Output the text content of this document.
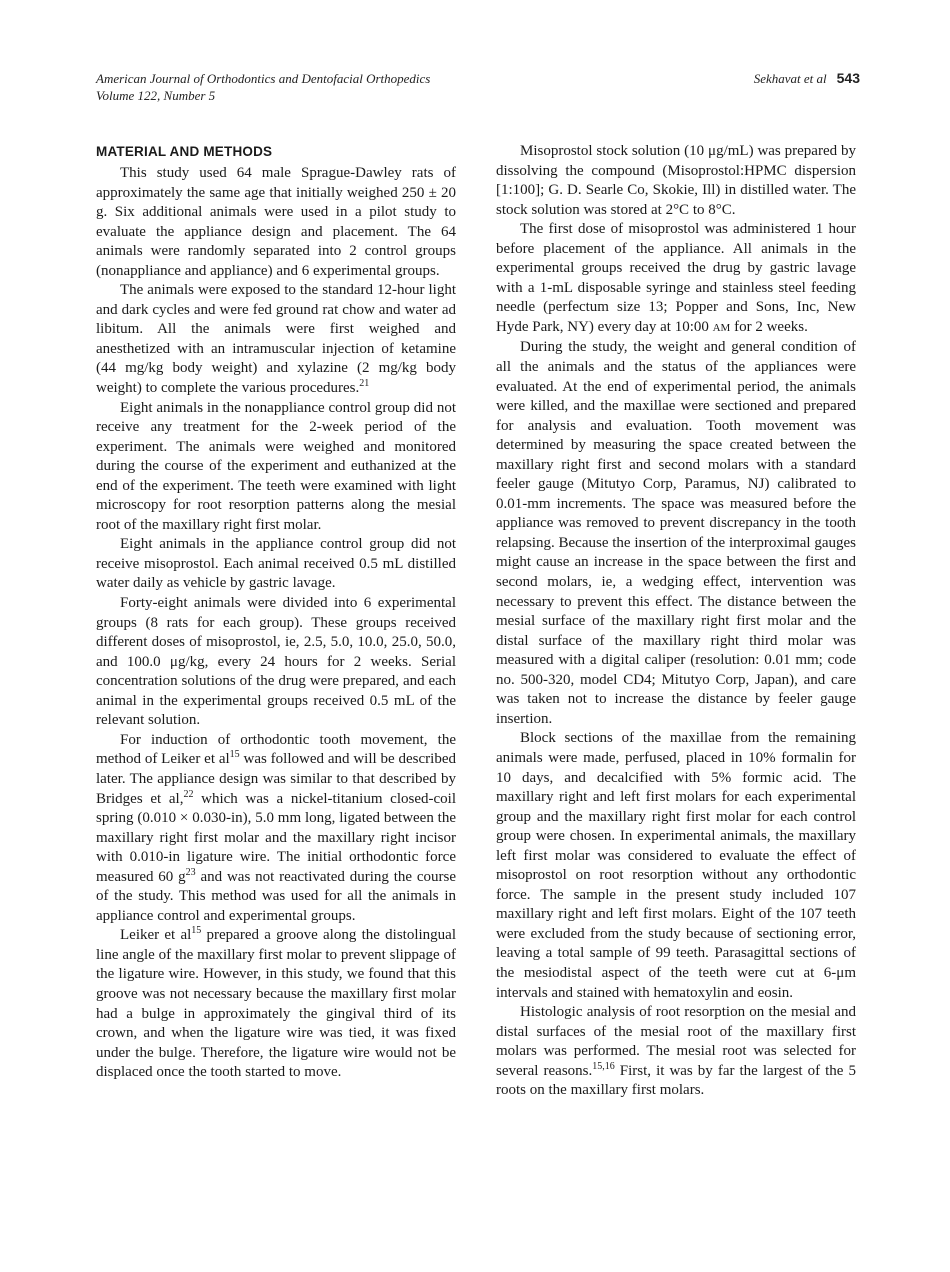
American Journal of Orthodontics and Dentofacial Orthopedics
Volume 122, Number 5
Sekhavat et al 543
MATERIAL AND METHODS

This study used 64 male Sprague-Dawley rats of approximately the same age that initially weighed 250 ± 20 g. Six additional animals were used in a pilot study to evaluate the appliance design and placement. The 64 animals were randomly separated into 2 control groups (nonappliance and appliance) and 6 experimental groups.

The animals were exposed to the standard 12-hour light and dark cycles and were fed ground rat chow and water ad libitum. All the animals were first weighed and anesthetized with an intramuscular injection of ketamine (44 mg/kg body weight) and xylazine (2 mg/kg body weight) to complete the various procedures.$^{21}$

Eight animals in the nonappliance control group did not receive any treatment for the 2-week period of the experiment. The animals were weighed and monitored during the course of the experiment and euthanized at the end of the experiment. The teeth were examined with light microscopy for root resorption patterns along the mesial root of the maxillary right first molar.

Eight animals in the appliance control group did not receive misoprostol. Each animal received 0.5 mL distilled water daily as vehicle by gastric lavage.

Forty-eight animals were divided into 6 experimental groups (8 rats for each group). These groups received different doses of misoprostol, ie, 2.5, 5.0, 10.0, 25.0, 50.0, and 100.0 μg/kg, every 24 hours for 2 weeks. Serial concentration solutions of the drug were prepared, and each animal in the experimental groups received 0.5 mL of the relevant solution.

For induction of orthodontic tooth movement, the method of Leiker et $al^{15}$ was followed and will be described later. The appliance design was similar to that described by Bridges et al,$^{22}$ which was a nickel-titanium closed-coil spring (0.010 × 0.030-in), 5.0 mm long, ligated between the maxillary right first molar and the maxillary right incisor with 0.010-in ligature wire. The initial orthodontic force measured 60 $g^{23}$ and was not reactivated during the course of the study. This method was used for all the animals in appliance control and experimental groups.

Leiker et $al^{15}$ prepared a groove along the distolingual line angle of the maxillary first molar to prevent slippage of the ligature wire. However, in this study, we found that this groove was not necessary because the maxillary first molar had a bulge in approximately the gingival third of its crown, and when the ligature wire was tied, it was fixed under the bulge. Therefore, the ligature wire would not be displaced once the tooth started to move.

Misoprostol stock solution (10 μg/mL) was prepared by dissolving the compound (Misoprostol:HPMC dispersion [1:100]; G. D. Searle Co, Skokie, Ill) in distilled water. The stock solution was stored at 2°C to 8°C.

The first dose of misoprostol was administered 1 hour before placement of the appliance. All animals in the experimental groups received the drug by gastric lavage with a 1-mL disposable syringe and stainless steel feeding needle (perfectum size 13; Popper and Sons, Inc, New Hyde Park, NY) every day at 10:00 AM for 2 weeks.

During the study, the weight and general condition of all the animals and the status of the appliances were evaluated. At the end of experimental period, the animals were killed, and the maxillae were sectioned and prepared for analysis and evaluation. Tooth movement was determined by measuring the space created between the maxillary right first and second molars with a standard feeler gauge (Mitutyo Corp, Paramus, NJ) calibrated to 0.01-mm increments. The space was measured before the appliance was removed to prevent discrepancy in the tooth relapsing. Because the insertion of the interproximal gauges might cause an increase in the space between the first and second molars, ie, a wedging effect, intervention was necessary to prevent this effect. The distance between the mesial surface of the maxillary right first molar and the distal surface of the maxillary right third molar was measured with a digital caliper (resolution: 0.01 mm; code no. 500-320, model CD4; Mitutyo Corp, Japan), and care was taken not to increase the distance by feeler gauge insertion.

Block sections of the maxillae from the remaining animals were made, perfused, placed in 10% formalin for 10 days, and decalcified with 5% formic acid. The maxillary right and left first molars for each experimental group and the maxillary right first molar for each control group were chosen. In experimental animals, the maxillary left first molar was considered to evaluate the effect of misoprostol on root resorption without any orthodontic force. The sample in the present study included 107 maxillary right and left first molars. Eight of the 107 teeth were excluded from the study because of sectioning error, leaving a total sample of 99 teeth. Parasagittal sections of the mesiodistal aspect of the teeth were cut at 6-μm intervals and stained with hematoxylin and eosin.

Histologic analysis of root resorption on the mesial and distal surfaces of the mesial root of the maxillary first molars was performed. The mesial root was selected for several reasons.$^{15,16}$ First, it was by far the largest of the 5 roots on the maxillary first molars.
